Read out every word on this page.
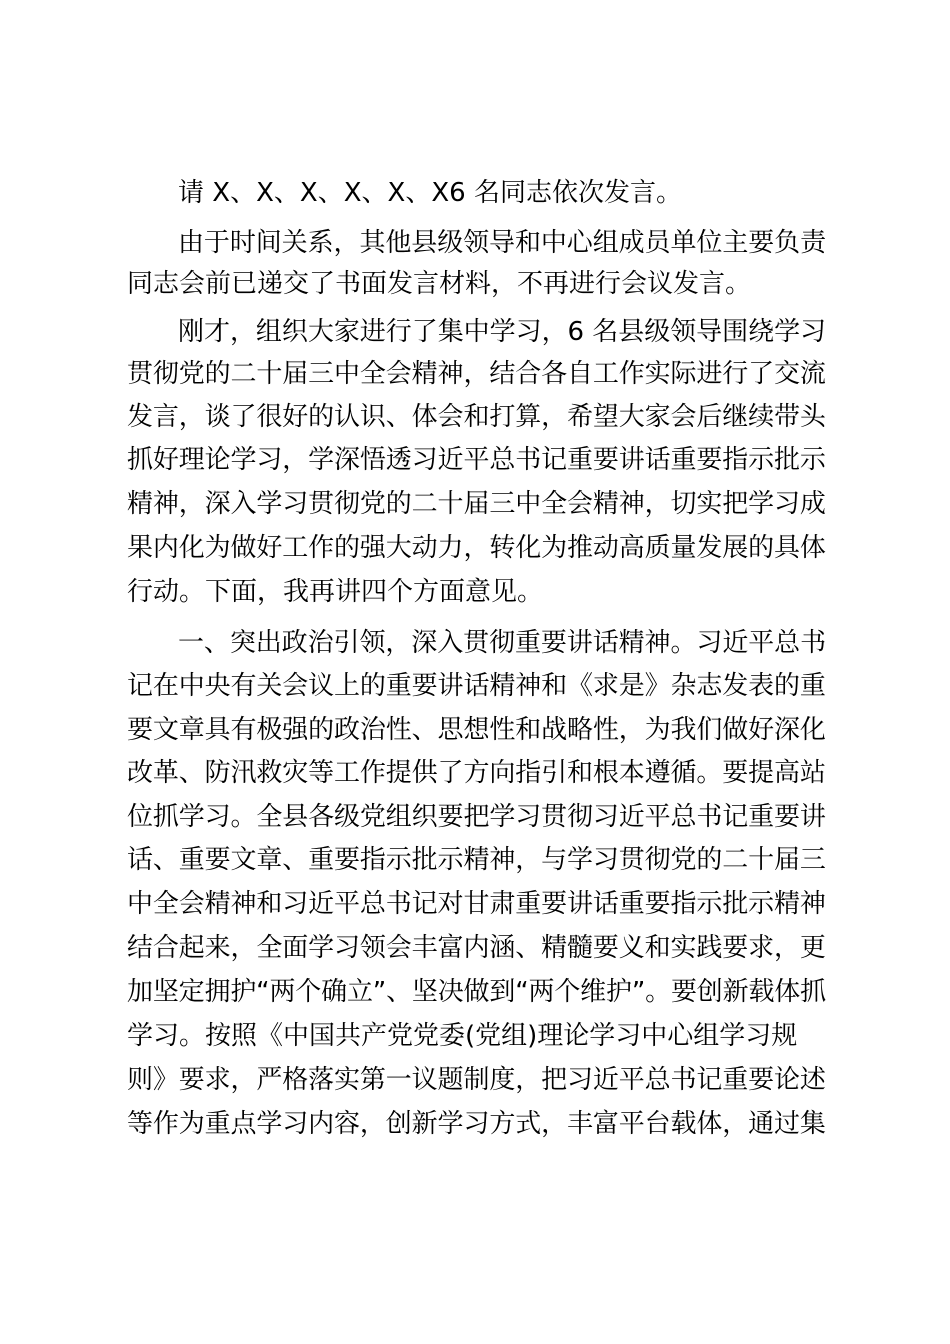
请 X、X、X、X、X、X6 名同志依次发言。
由于时间关系，其他县级领导和中心组成员单位主要负责
同志会前已递交了书面发言材料，不再进行会议发言。
刚才，组织大家进行了集中学习，6 名县级领导围绕学习
贯彻党的二十届三中全会精神，结合各自工作实际进行了交流
发言，谈了很好的认识、体会和打算，希望大家会后继续带头
抓好理论学习，学深悟透习近平总书记重要讲话重要指示批示
精神，深入学习贯彻党的二十届三中全会精神，切实把学习成
果内化为做好工作的强大动力，转化为推动高质量发展的具体
行动。下面，我再讲四个方面意见。
一、突出政治引领，深入贯彻重要讲话精神。习近平总书
记在中央有关会议上的重要讲话精神和《求是》杂志发表的重
要文章具有极强的政治性、思想性和战略性，为我们做好深化
改革、防汛救灾等工作提供了方向指引和根本遵循。要提高站
位抓学习。全县各级党组织要把学习贯彻习近平总书记重要讲
话、重要文章、重要指示批示精神，与学习贯彻党的二十届三
中全会精神和习近平总书记对甘肃重要讲话重要指示批示精神
结合起来，全面学习领会丰富内涵、精髓要义和实践要求，更
加坚定拥护“两个确立”、坚决做到“两个维护”。要创新载体抓
学习。按照《中国共产党党委(党组)理论学习中心组学习规
则》要求，严格落实第一议题制度，把习近平总书记重要论述
等作为重点学习内容，创新学习方式，丰富平台载体，通过集
